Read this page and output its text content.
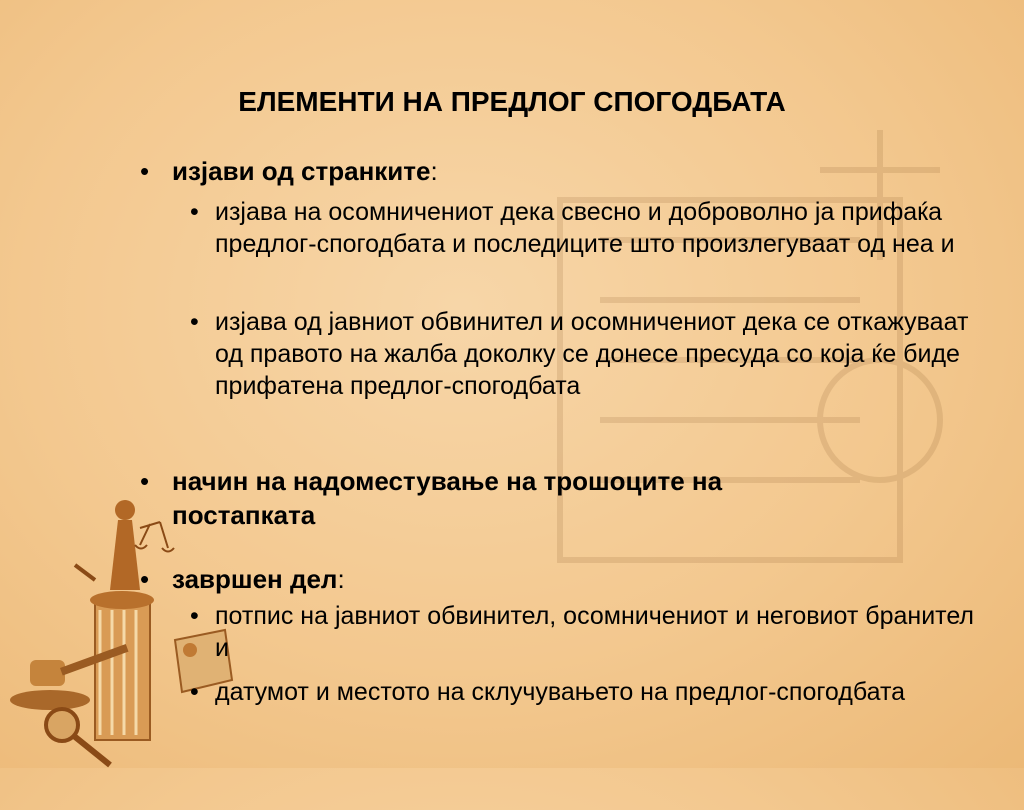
ЕЛЕМЕНТИ НА ПРЕДЛОГ СПОГОДБАТА
• изјави од странките:
• изјава на осомничениот дека свесно и доброволно ја прифаќа предлог-спогодбата и последиците што произлегуваат од неа и
• изјава од јавниот обвинител и осомничениот дека се откажуваат од правото на жалба доколку се донесе пресуда со која ќе биде прифатена предлог-спогодбата
• начин на надоместување на трошоците на постапката
• завршен дел:
• потпис на јавниот обвинител, осомничениот и неговиот бранител и
• датумот и местото на склучувањето на предлог-спогодбата
